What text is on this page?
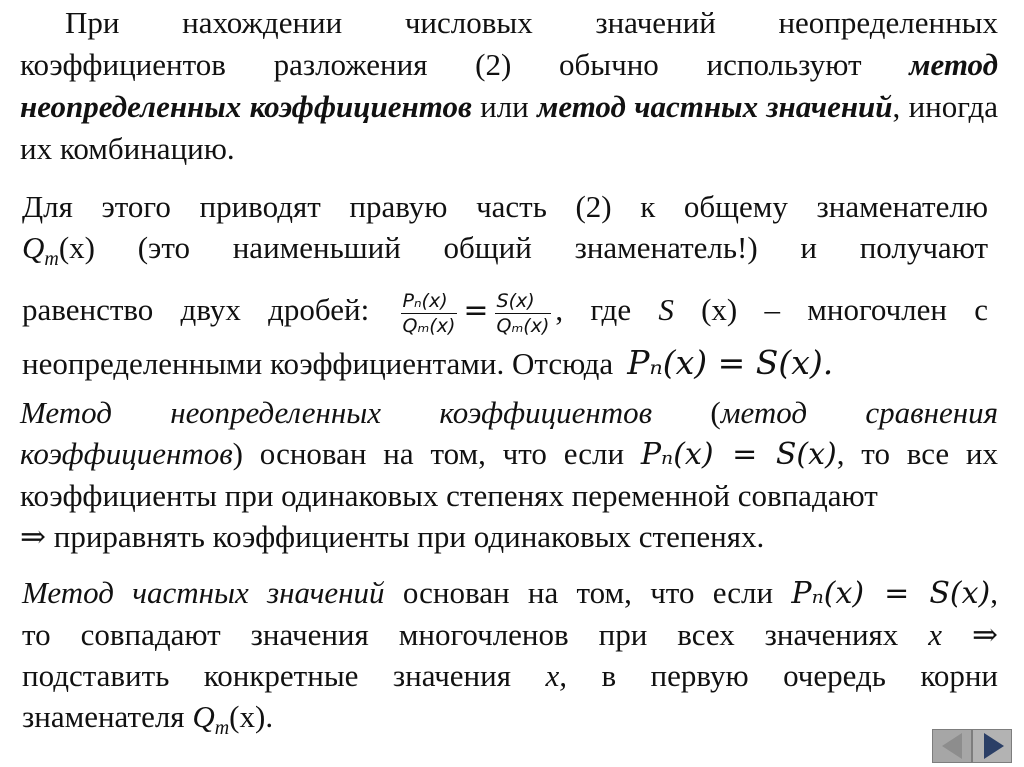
При нахождении числовых значений неопределенных
коэффициентов разложения (2) обычно используют метод неопределенных коэффициентов или метод частных значений, иногда их комбинацию.
Для этого приводят правую часть (2) к общему знаменателю
$Q_m(x)$ (это наименьший общий знаменатель!) и получают
равенство двух дробей: $\frac{\text{Pₙ(x)}}{\text{Qₘ(x)}} = \frac{S(x)}{\text{Qₘ(x)}}$ , где S (x) – многочлен с
неопределенными коэффициентами. Отсюда Pₙ(x) = S(x).
Метод неопределенных коэффициентов (метод сравнения коэффициентов) основан на том, что если Pₙ(x) = S(x), то все их коэффициенты при одинаковых степенях переменной совпадают
⇒ приравнять коэффициенты при одинаковых степенях.
Метод частных значений основан на том, что если Pₙ(x) = S(x),
то совпадают значения многочленов при всех значениях x ⇒
подставить конкретные значения x, в первую очередь корни
знаменателя $Q_m(x)$.
